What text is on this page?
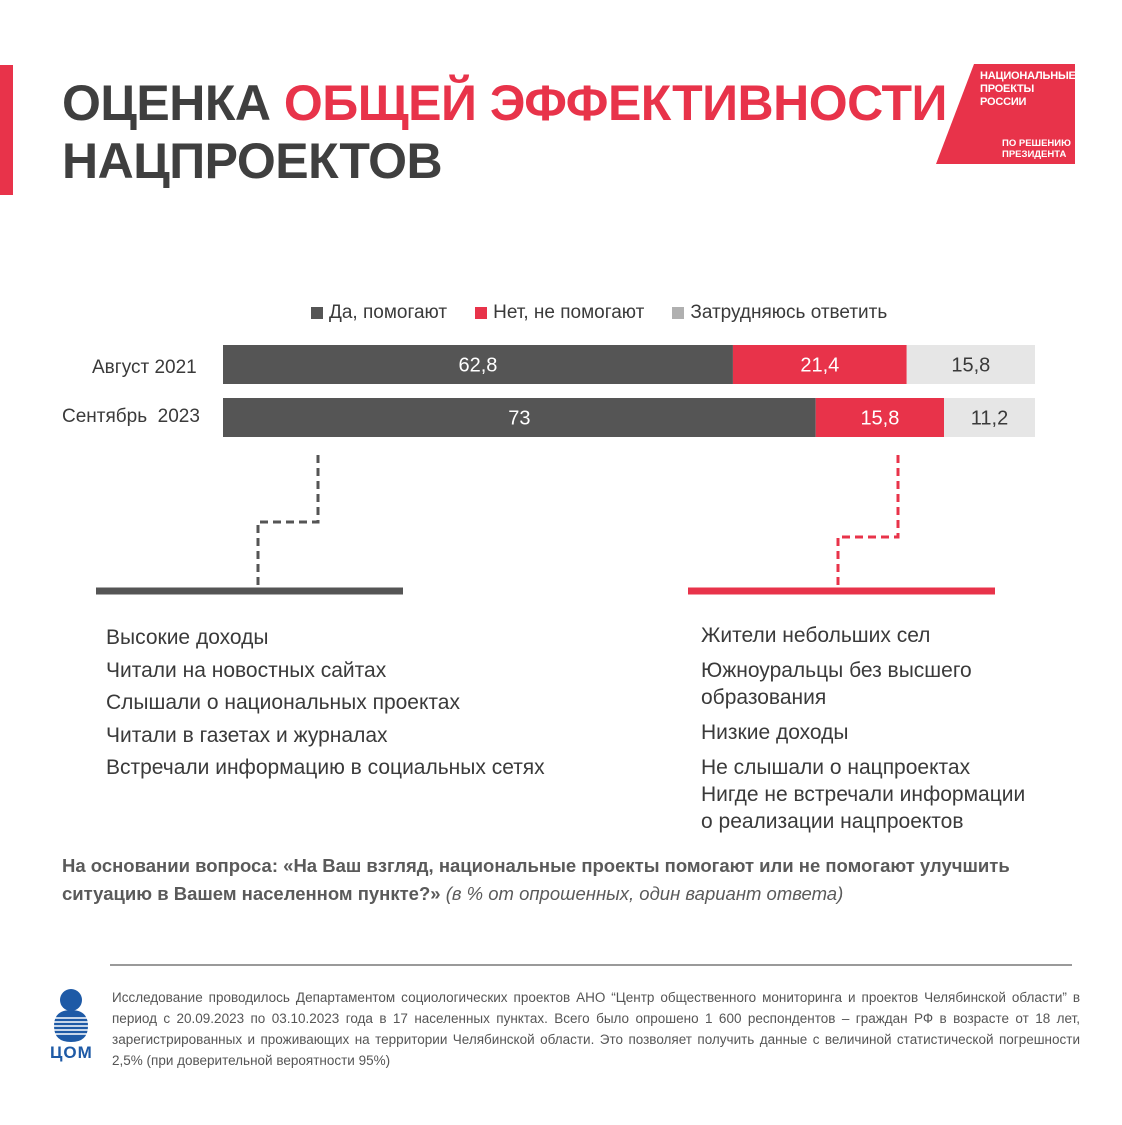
ОЦЕНКА ОБЩЕЙ ЭФФЕКТИВНОСТИ
НАЦПРОЕКТОВ
НАЦИОНАЛЬНЫЕ
ПРОЕКТЫ
РОССИИ
ПО РЕШЕНИЮ
ПРЕЗИДЕНТА
Да, помогают Нет, не помогают Затрудняюсь ответить
Август 2021
Сентябрь  2023
62,8	21,4	15,8
73	15,8	11,2
Высокие доходы
Читали на новостных сайтах
Слышали о национальных проектах
Читали в газетах и журналах
Встречали информацию в социальных сетях
Жители небольших сел
Южноуральцы без высшего
образования
Низкие доходы
Не слышали о нацпроектах
Нигде не встречали информации
о реализации нацпроектов
На основании вопроса: «На Ваш взгляд, национальные проекты помогают или не помогают улучшить ситуацию в Вашем населенном пункте?» (в % от опрошенных, один вариант ответа)
ЦОМ
Исследование проводилось Департаментом социологических проектов АНО “Центр общественного мониторинга и проектов Челябинской области” в период с 20.09.2023 по 03.10.2023 года в 17 населенных пунктах. Всего было опрошено 1 600 респондентов – граждан РФ в возрасте от 18 лет, зарегистрированных и проживающих на территории Челябинской области. Это позволяет получить данные с величиной статистической погрешности 2,5% (при доверительной вероятности 95%)
